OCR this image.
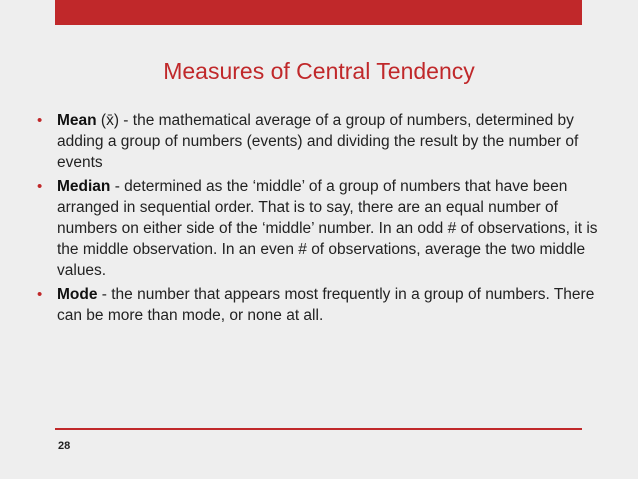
Measures of Central Tendency
• Mean (x̄) - the mathematical average of a group of numbers, determined by adding a group of numbers (events) and dividing the result by the number of events
• Median - determined as the ‘middle’ of a group of numbers that have been arranged in sequential order. That is to say, there are an equal number of numbers on either side of the ‘middle’ number. In an odd # of observations, it is the middle observation. In an even # of observations, average the two middle values.
• Mode - the number that appears most frequently in a group of numbers. There can be more than mode, or none at all.
28
